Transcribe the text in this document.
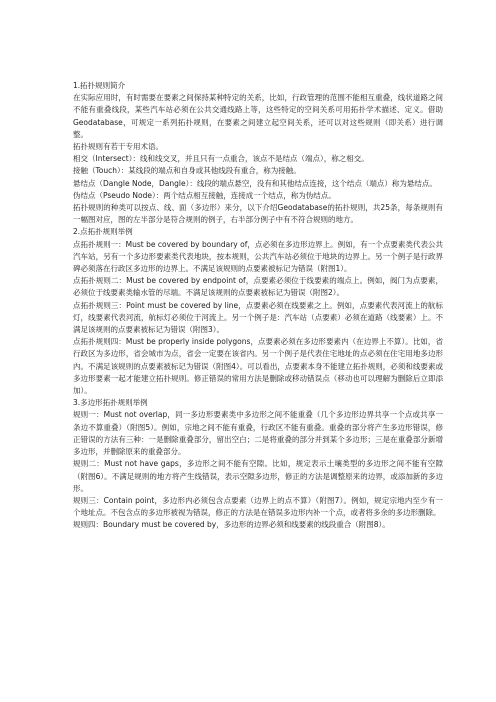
1.拓扑规则简介

在实际应用时，有时需要在要素之间保持某种特定的关系，比如，行政管理的范围不能相互重叠，线状道路之间不能有重叠线段，某些汽车站必须在公共交通线路上等，这些特定的空间关系可用拓扑学术描述、定义。借助Geodatabase，可规定一系列拓扑规则，在要素之间建立起空间关系，还可以对这些规则（即关系）进行调整。

拓扑规则有若干专用术语。

相交（Intersect）：线和线交叉，并且只有一点重合，该点不是结点（端点），称之相交。

接触（Touch）：某线段的端点和自身或其他线段有重合，称为接触。

悬结点（Dangle Node，Dangle）：线段的端点悬空，没有和其他结点连接，这个结点（端点）称为悬结点。

伪结点（Pseudo Node）：两个结点相互接触，连接成一个结点，称为伪结点。

拓扑规则的种类可以按点、线、面（多边形）来分，以下介绍Geodatabase的拓扑规则，共25条，每条规则有一幅图对应，图的左半部分是符合规则的例子，右半部分例子中有不符合规则的地方。

2.点拓扑规则举例

点拓扑规则一：Must be covered by boundary of，点必须在多边形边界上。例如，有一个点要素类代表公共汽车站，另有一个多边形要素类代表地块，按本规则，公共汽车站必须位于地块的边界上。另一个例子是行政界碑必须落在行政区多边形的边界上。不满足该规则的点要素被标记为错误（附图1）。

点拓扑规则二：Must be covered by endpoint of，点要素必须位于线要素的端点上。例如，阀门为点要素，必须位于线要素类输水管的尽端。不满足该规则的点要素被标记为错误（附图2）。

点拓扑规则三：Point must be covered by line，点要素必须在线要素之上。例如，点要素代表河流上的航标灯，线要素代表河流，航标灯必须位于河流上。另一个例子是：汽车站（点要素）必须在道路（线要素）上。不满足该规则的点要素被标记为错误（附图3）。

点拓扑规则四：Must be properly inside polygons，点要素必须在多边形要素内（在边界上不算）。比如，省行政区为多边形，省会城市为点，省会一定要在该省内。另一个例子是代表住宅地址的点必须在住宅用地多边形内。不满足该规则的点要素被标记为错误（附图4）。可以看出，点要素本身不能建立拓扑规则，必须和线要素或多边形要素一起才能建立拓扑规则。修正错误的常用方法是删除或移动错误点（移动也可以理解为删除后立即添加）。

3.多边形拓扑规则举例

规则一：Must not overlap，同一多边形要素类中多边形之间不能重叠（几个多边形边界共享一个点或共享一条边不算重叠）（附图5）。例如，宗地之间不能有重叠，行政区不能有重叠。重叠的部分将产生多边形错误，修正错误的方法有三种：一是删除重叠部分，留出空白；二是将重叠的部分并到某个多边形；三是在重叠部分新增多边形，并删除原来的重叠部分。

规则二：Must not have gaps，多边形之间不能有空隙。比如，规定表示土壤类型的多边形之间不能有空隙（附图6）。不满足规则的地方将产生线错误，表示空隙多边形，修正的方法是调整原来的边界，或添加新的多边形。

规则三：Contain point，多边形内必须包含点要素（边界上的点不算）（附图7）。例如，规定宗地内至少有一个地址点。不包含点的多边形被视为错误，修正的方法是在错误多边形内补一个点，或者将多余的多边形删除。

规则四：Boundary must be covered by，多边形的边界必须和线要素的线段重合（附图8）。
